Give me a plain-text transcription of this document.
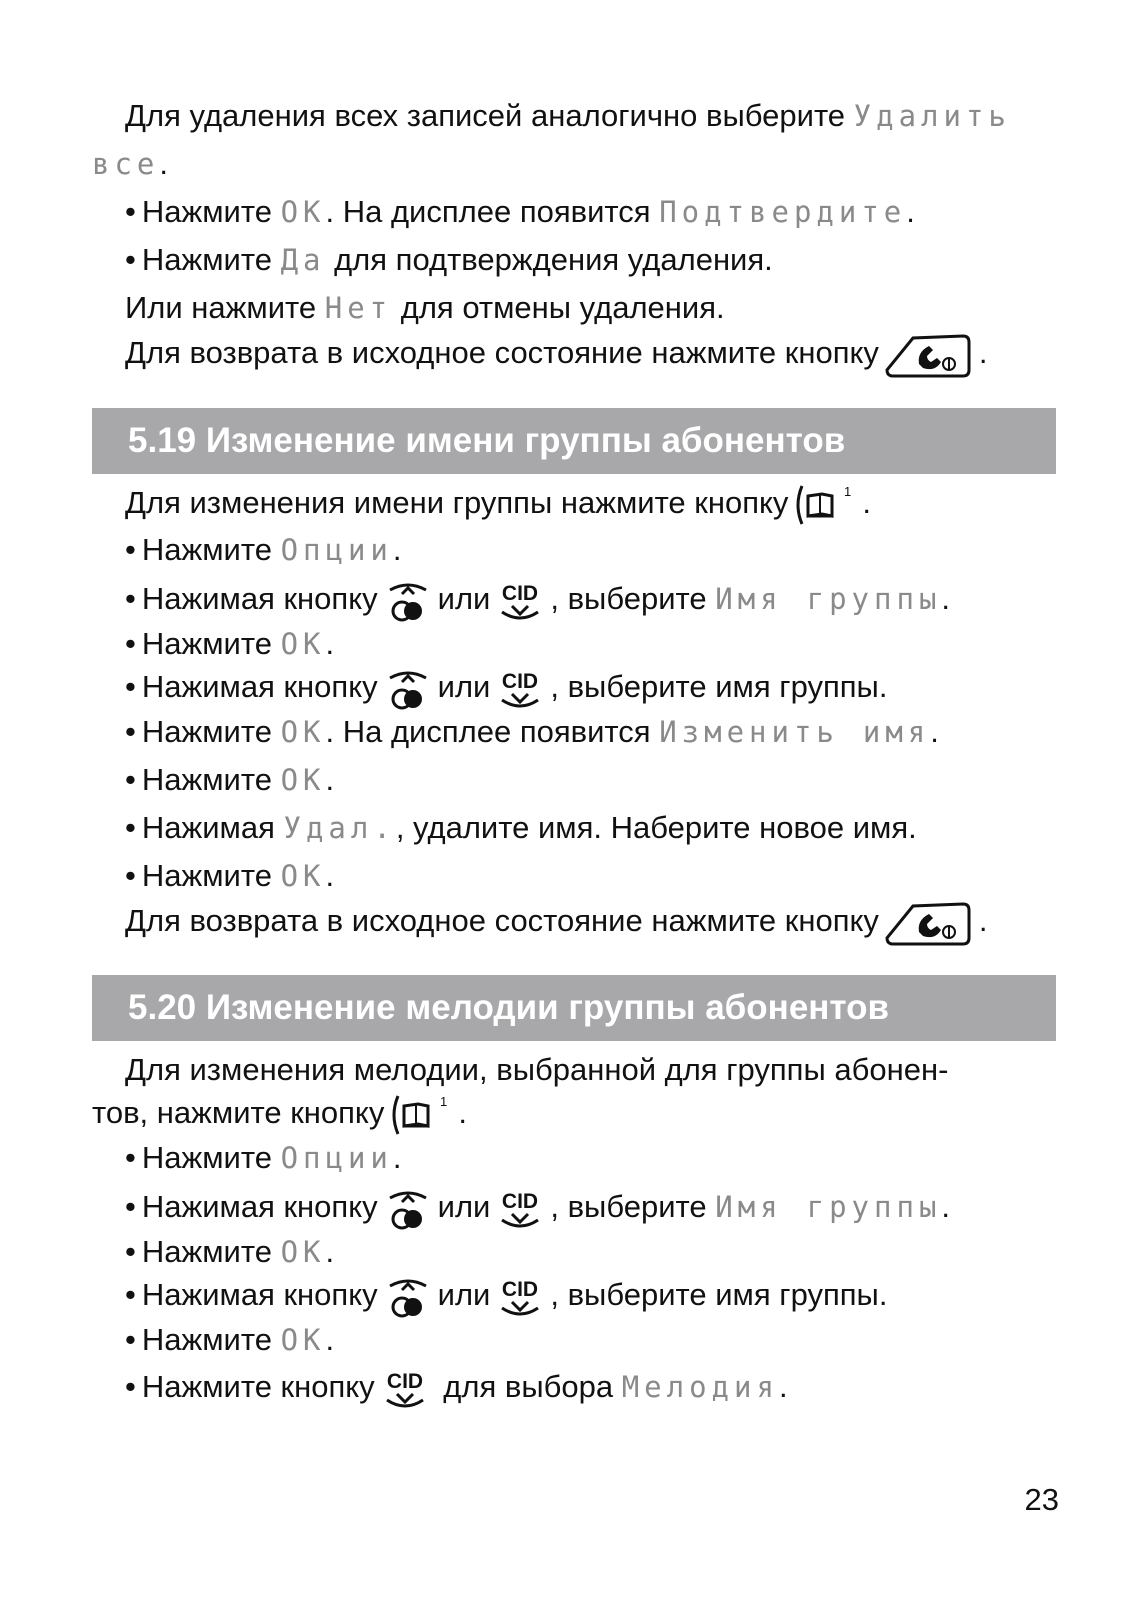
Для удаления всех записей аналогично выберите Удалить
все.
• Нажмите OK. На дисплее появится Подтвердите.
• Нажмите Да для подтверждения удаления.
Или нажмите Нет для отмены удаления.
Для возврата в исходное состояние нажмите кнопку	.
5.19 Изменение имени группы абонентов
Для изменения имени группы нажмите кнопку	1 .
• Нажмите Опции.
• Нажимая кнопку или CID , выберите Имя группы.
• Нажмите OK.
• Нажимая кнопку или CID , выберите имя группы.
• Нажмите OK. На дисплее появится Изменить имя.
• Нажмите OK.
• Нажимая Удал., удалите имя. Наберите новое имя.
• Нажмите OK.
Для возврата в исходное состояние нажмите кнопку	.
5.20 Изменение мелодии группы абонентов
Для изменения мелодии, выбранной для группы абонен-
тов, нажмите кнопку	1 .
• Нажмите Опции.
• Нажимая кнопку или CID , выберите Имя группы.
• Нажмите OK.
• Нажимая кнопку или CID , выберите имя группы.
• Нажмите OK.
• Нажмите кнопку CID для выбора Мелодия.
23
